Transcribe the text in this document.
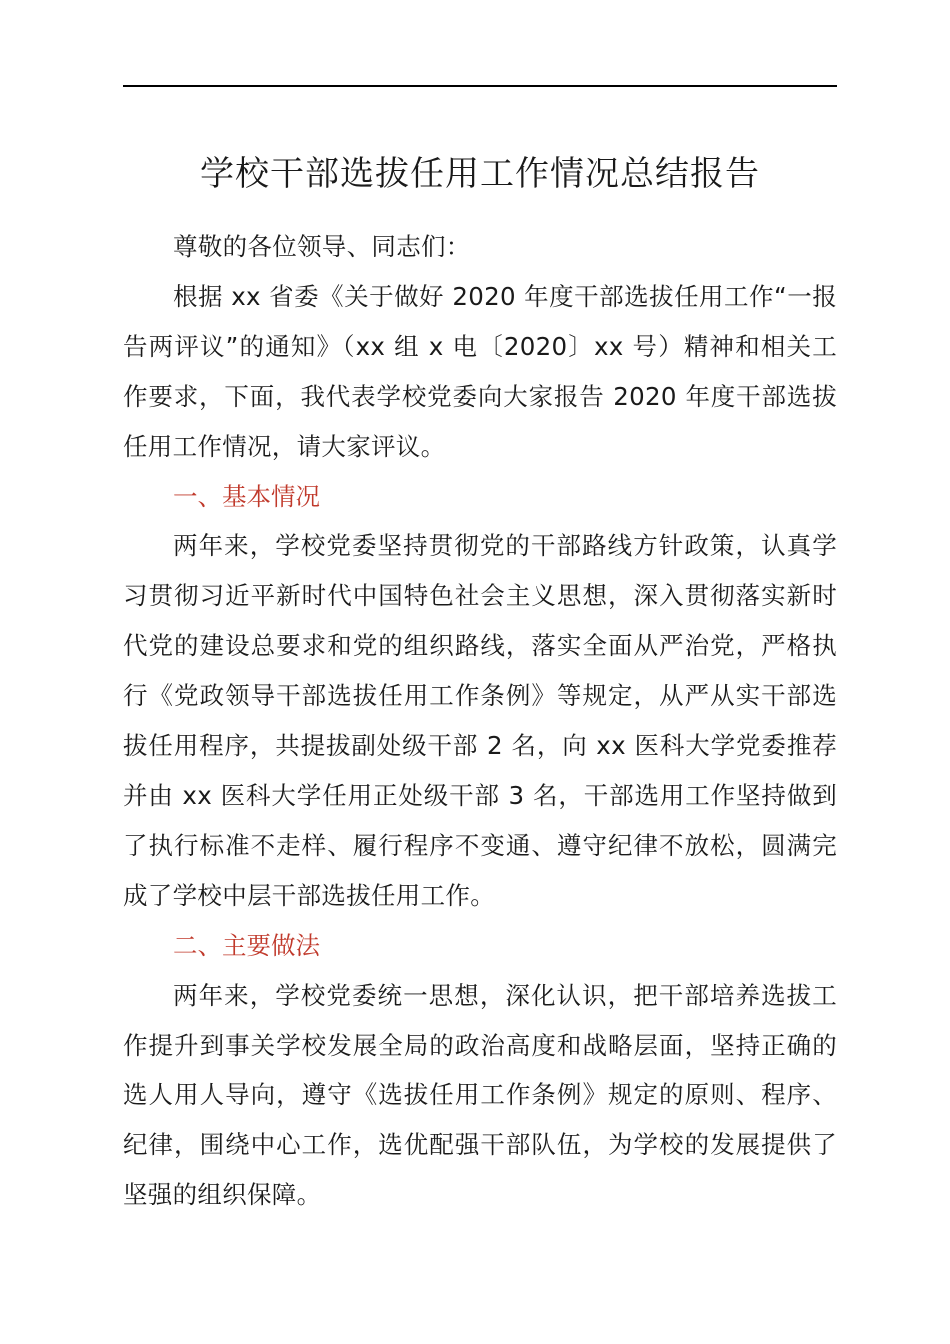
学校干部选拔任用工作情况总结报告

尊敬的各位领导、同志们：

根据 xx 省委《关于做好 2020 年度干部选拔任用工作“一报告两评议”的通知》（xx 组 x 电〔2020〕xx 号）精神和相关工作要求，下面，我代表学校党委向大家报告 2020 年度干部选拔任用工作情况，请大家评议。

一、基本情况

两年来，学校党委坚持贯彻党的干部路线方针政策，认真学习贯彻习近平新时代中国特色社会主义思想，深入贯彻落实新时代党的建设总要求和党的组织路线，落实全面从严治党，严格执行《党政领导干部选拔任用工作条例》等规定，从严从实干部选拔任用程序，共提拔副处级干部 2 名，向 xx 医科大学党委推荐并由 xx 医科大学任用正处级干部 3 名，干部选用工作坚持做到了执行标准不走样、履行程序不变通、遵守纪律不放松，圆满完成了学校中层干部选拔任用工作。

二、主要做法

两年来，学校党委统一思想，深化认识，把干部培养选拔工作提升到事关学校发展全局的政治高度和战略层面，坚持正确的选人用人导向，遵守《选拔任用工作条例》规定的原则、程序、纪律，围绕中心工作，选优配强干部队伍，为学校的发展提供了坚强的组织保障。
